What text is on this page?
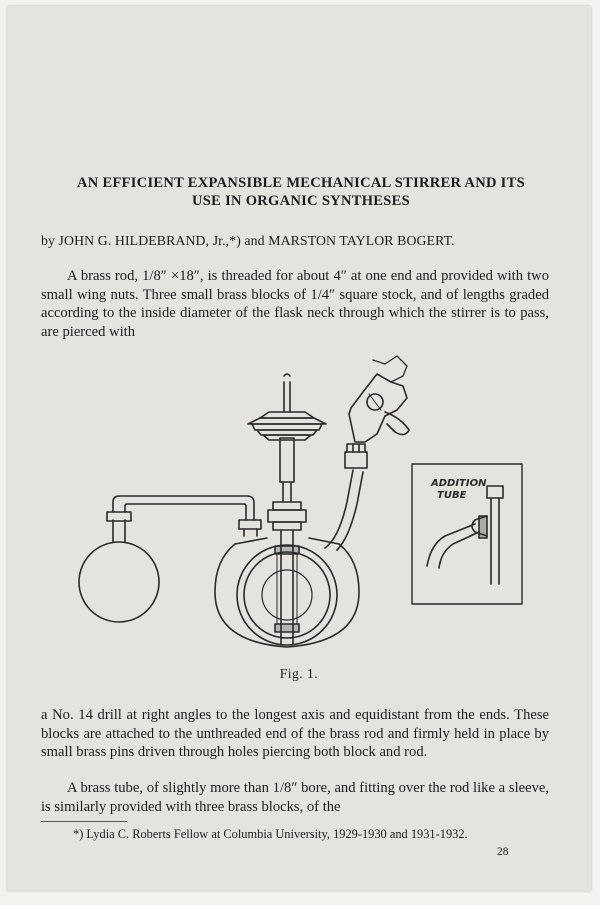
AN EFFICIENT EXPANSIBLE MECHANICAL STIRRER AND ITS
USE IN ORGANIC SYNTHESES
by JOHN G. HILDEBRAND, Jr.,*) and MARSTON TAYLOR BOGERT.

A brass rod, 1/8″ ×18″, is threaded for about 4″ at one end and provided with two small wing nuts. Three small brass blocks of 1/4″ square stock, and of lengths graded according to the inside diameter of the flask neck through which the stirrer is to pass, are pierced with

ADDITION
TUBE
Fig. 1.

a No. 14 drill at right angles to the longest axis and equidistant from the ends. These blocks are attached to the unthreaded end of the brass rod and firmly held in place by small brass pins driven through holes piercing both block and rod.

A brass tube, of slightly more than 1/8″ bore, and fitting over the rod like a sleeve, is similarly provided with three brass blocks, of the

*) Lydia C. Roberts Fellow at Columbia University, 1929-1930 and 1931-1932.
28
